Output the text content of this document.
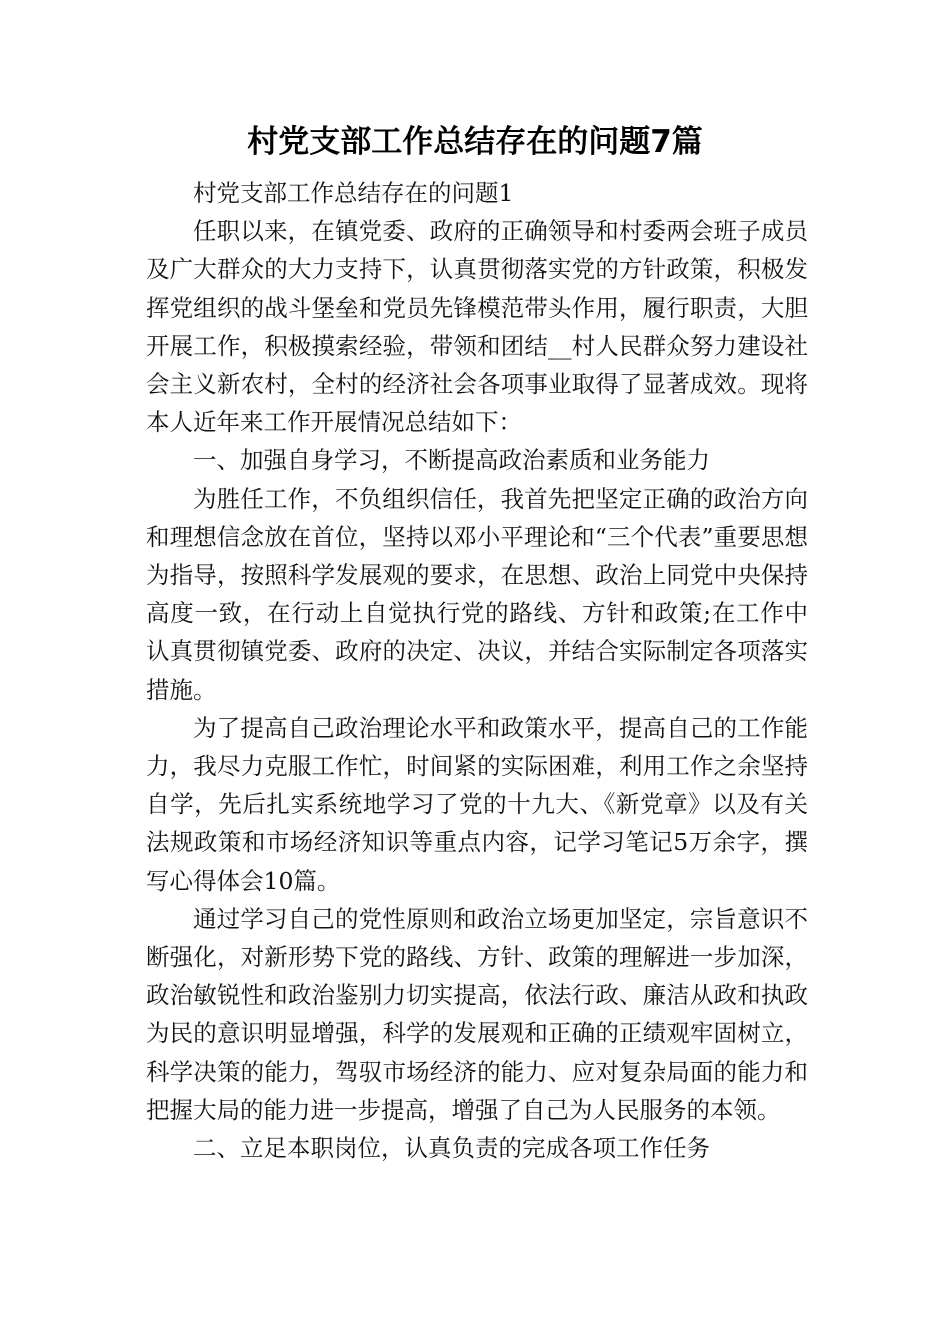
村党支部工作总结存在的问题7篇

村党支部工作总结存在的问题1

任职以来，在镇党委、政府的正确领导和村委两会班子成员及广大群众的大力支持下，认真贯彻落实党的方针政策，积极发挥党组织的战斗堡垒和党员先锋模范带头作用，履行职责，大胆开展工作，积极摸索经验，带领和团结__村人民群众努力建设社会主义新农村，全村的经济社会各项事业取得了显著成效。现将本人近年来工作开展情况总结如下：

一、加强自身学习，不断提高政治素质和业务能力

为胜任工作，不负组织信任，我首先把坚定正确的政治方向和理想信念放在首位，坚持以邓小平理论和“三个代表”重要思想为指导，按照科学发展观的要求，在思想、政治上同党中央保持高度一致，在行动上自觉执行党的路线、方针和政策;在工作中认真贯彻镇党委、政府的决定、决议，并结合实际制定各项落实措施。

为了提高自己政治理论水平和政策水平，提高自己的工作能力，我尽力克服工作忙，时间紧的实际困难，利用工作之余坚持自学，先后扎实系统地学习了党的十九大、《新党章》以及有关法规政策和市场经济知识等重点内容，记学习笔记5万余字，撰写心得体会10篇。

通过学习自己的党性原则和政治立场更加坚定，宗旨意识不断强化，对新形势下党的路线、方针、政策的理解进一步加深，政治敏锐性和政治鉴别力切实提高，依法行政、廉洁从政和执政为民的意识明显增强，科学的发展观和正确的正绩观牢固树立，科学决策的能力，驾驭市场经济的能力、应对复杂局面的能力和把握大局的能力进一步提高，增强了自己为人民服务的本领。

二、立足本职岗位，认真负责的完成各项工作任务
